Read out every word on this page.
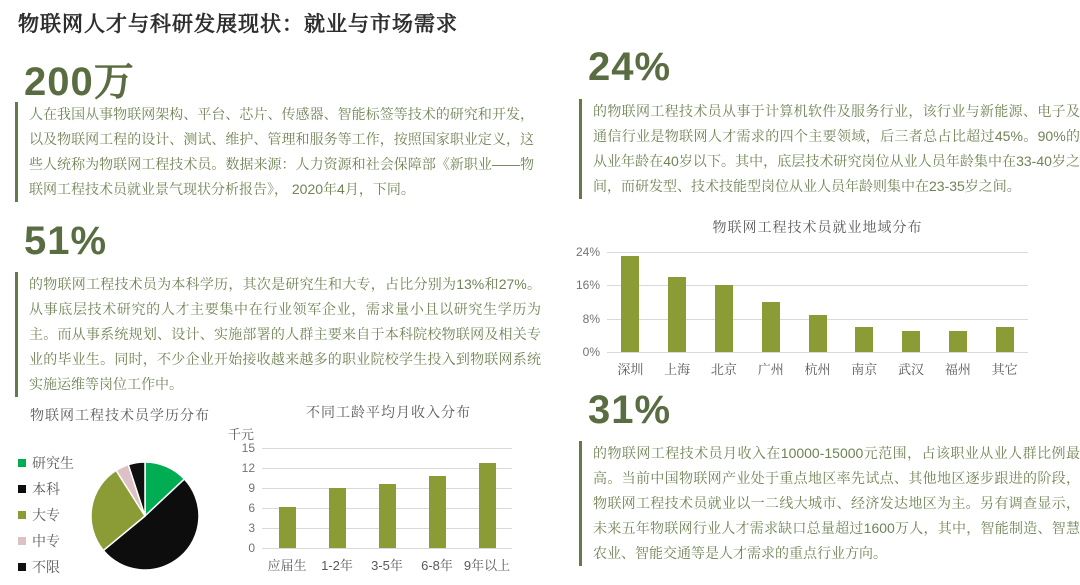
物联网人才与科研发展现状：就业与市场需求
200万
人在我国从事物联网架构、平台、芯片、传感器、智能标签等技术的研究和开发，以及物联网工程的设计、测试、维护、管理和服务等工作，按照国家职业定义，这些人统称为物联网工程技术员。数据来源：人力资源和社会保障部《新职业——物联网工程技术员就业景气现状分析报告》， 2020年4月，下同。
51%
的物联网工程技术员为本科学历，其次是研究生和大专，占比分别为13%和27%。从事底层技术研究的人才主要集中在行业领军企业，需求量小且以研究生学历为主。而从事系统规划、设计、实施部署的人群主要来自于本科院校物联网及相关专业的毕业生。同时，不少企业开始接收越来越多的职业院校学生投入到物联网系统实施运维等岗位工作中。
24%
的物联网工程技术员从事于计算机软件及服务行业，该行业与新能源、电子及通信行业是物联网人才需求的四个主要领域，后三者总占比超过45%。90%的从业年龄在40岁以下。其中，底层技术研究岗位从业人员年龄集中在33-40岁之间，而研发型、技术技能型岗位从业人员年龄则集中在23-35岁之间。
31%
的物联网工程技术员月收入在10000-15000元范围，占该职业从业人群比例最高。当前中国物联网产业处于重点地区率先试点、其他地区逐步跟进的阶段，物联网工程技术员就业以一二线大城市、经济发达地区为主。另有调查显示，未来五年物联网行业人才需求缺口总量超过1600万人，其中，智能制造、智慧农业、智能交通等是人才需求的重点行业方向。
物联网工程技术员就业地域分布
0%
8%
16%
24%
深圳 上海 北京 广州 杭州 南京 武汉 福州 其它
物联网工程技术员学历分布
研究生
本科
大专
中专
不限
不同工龄平均月收入分布
千元
0
3
6
9
12
15
应届生 1-2年 3-5年 6-8年 9年以上
